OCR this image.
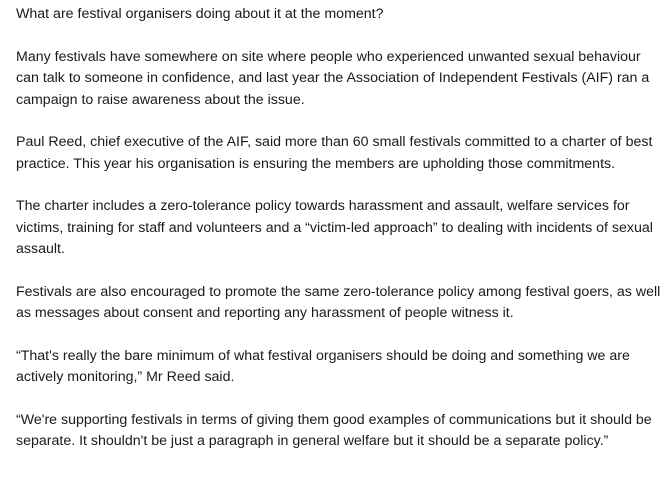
What are festival organisers doing about it at the moment?

Many festivals have somewhere on site where people who experienced unwanted sexual behaviour can talk to someone in confidence, and last year the Association of Independent Festivals (AIF) ran a campaign to raise awareness about the issue.

Paul Reed, chief executive of the AIF, said more than 60 small festivals committed to a charter of best practice. This year his organisation is ensuring the members are upholding those commitments.

The charter includes a zero-tolerance policy towards harassment and assault, welfare services for victims, training for staff and volunteers and a “victim-led approach” to dealing with incidents of sexual assault.

Festivals are also encouraged to promote the same zero-tolerance policy among festival goers, as well as messages about consent and reporting any harassment of people witness it.

“That's really the bare minimum of what festival organisers should be doing and something we are actively monitoring,” Mr Reed said.

“We're supporting festivals in terms of giving them good examples of communications but it should be separate. It shouldn't be just a paragraph in general welfare but it should be a separate policy.”
